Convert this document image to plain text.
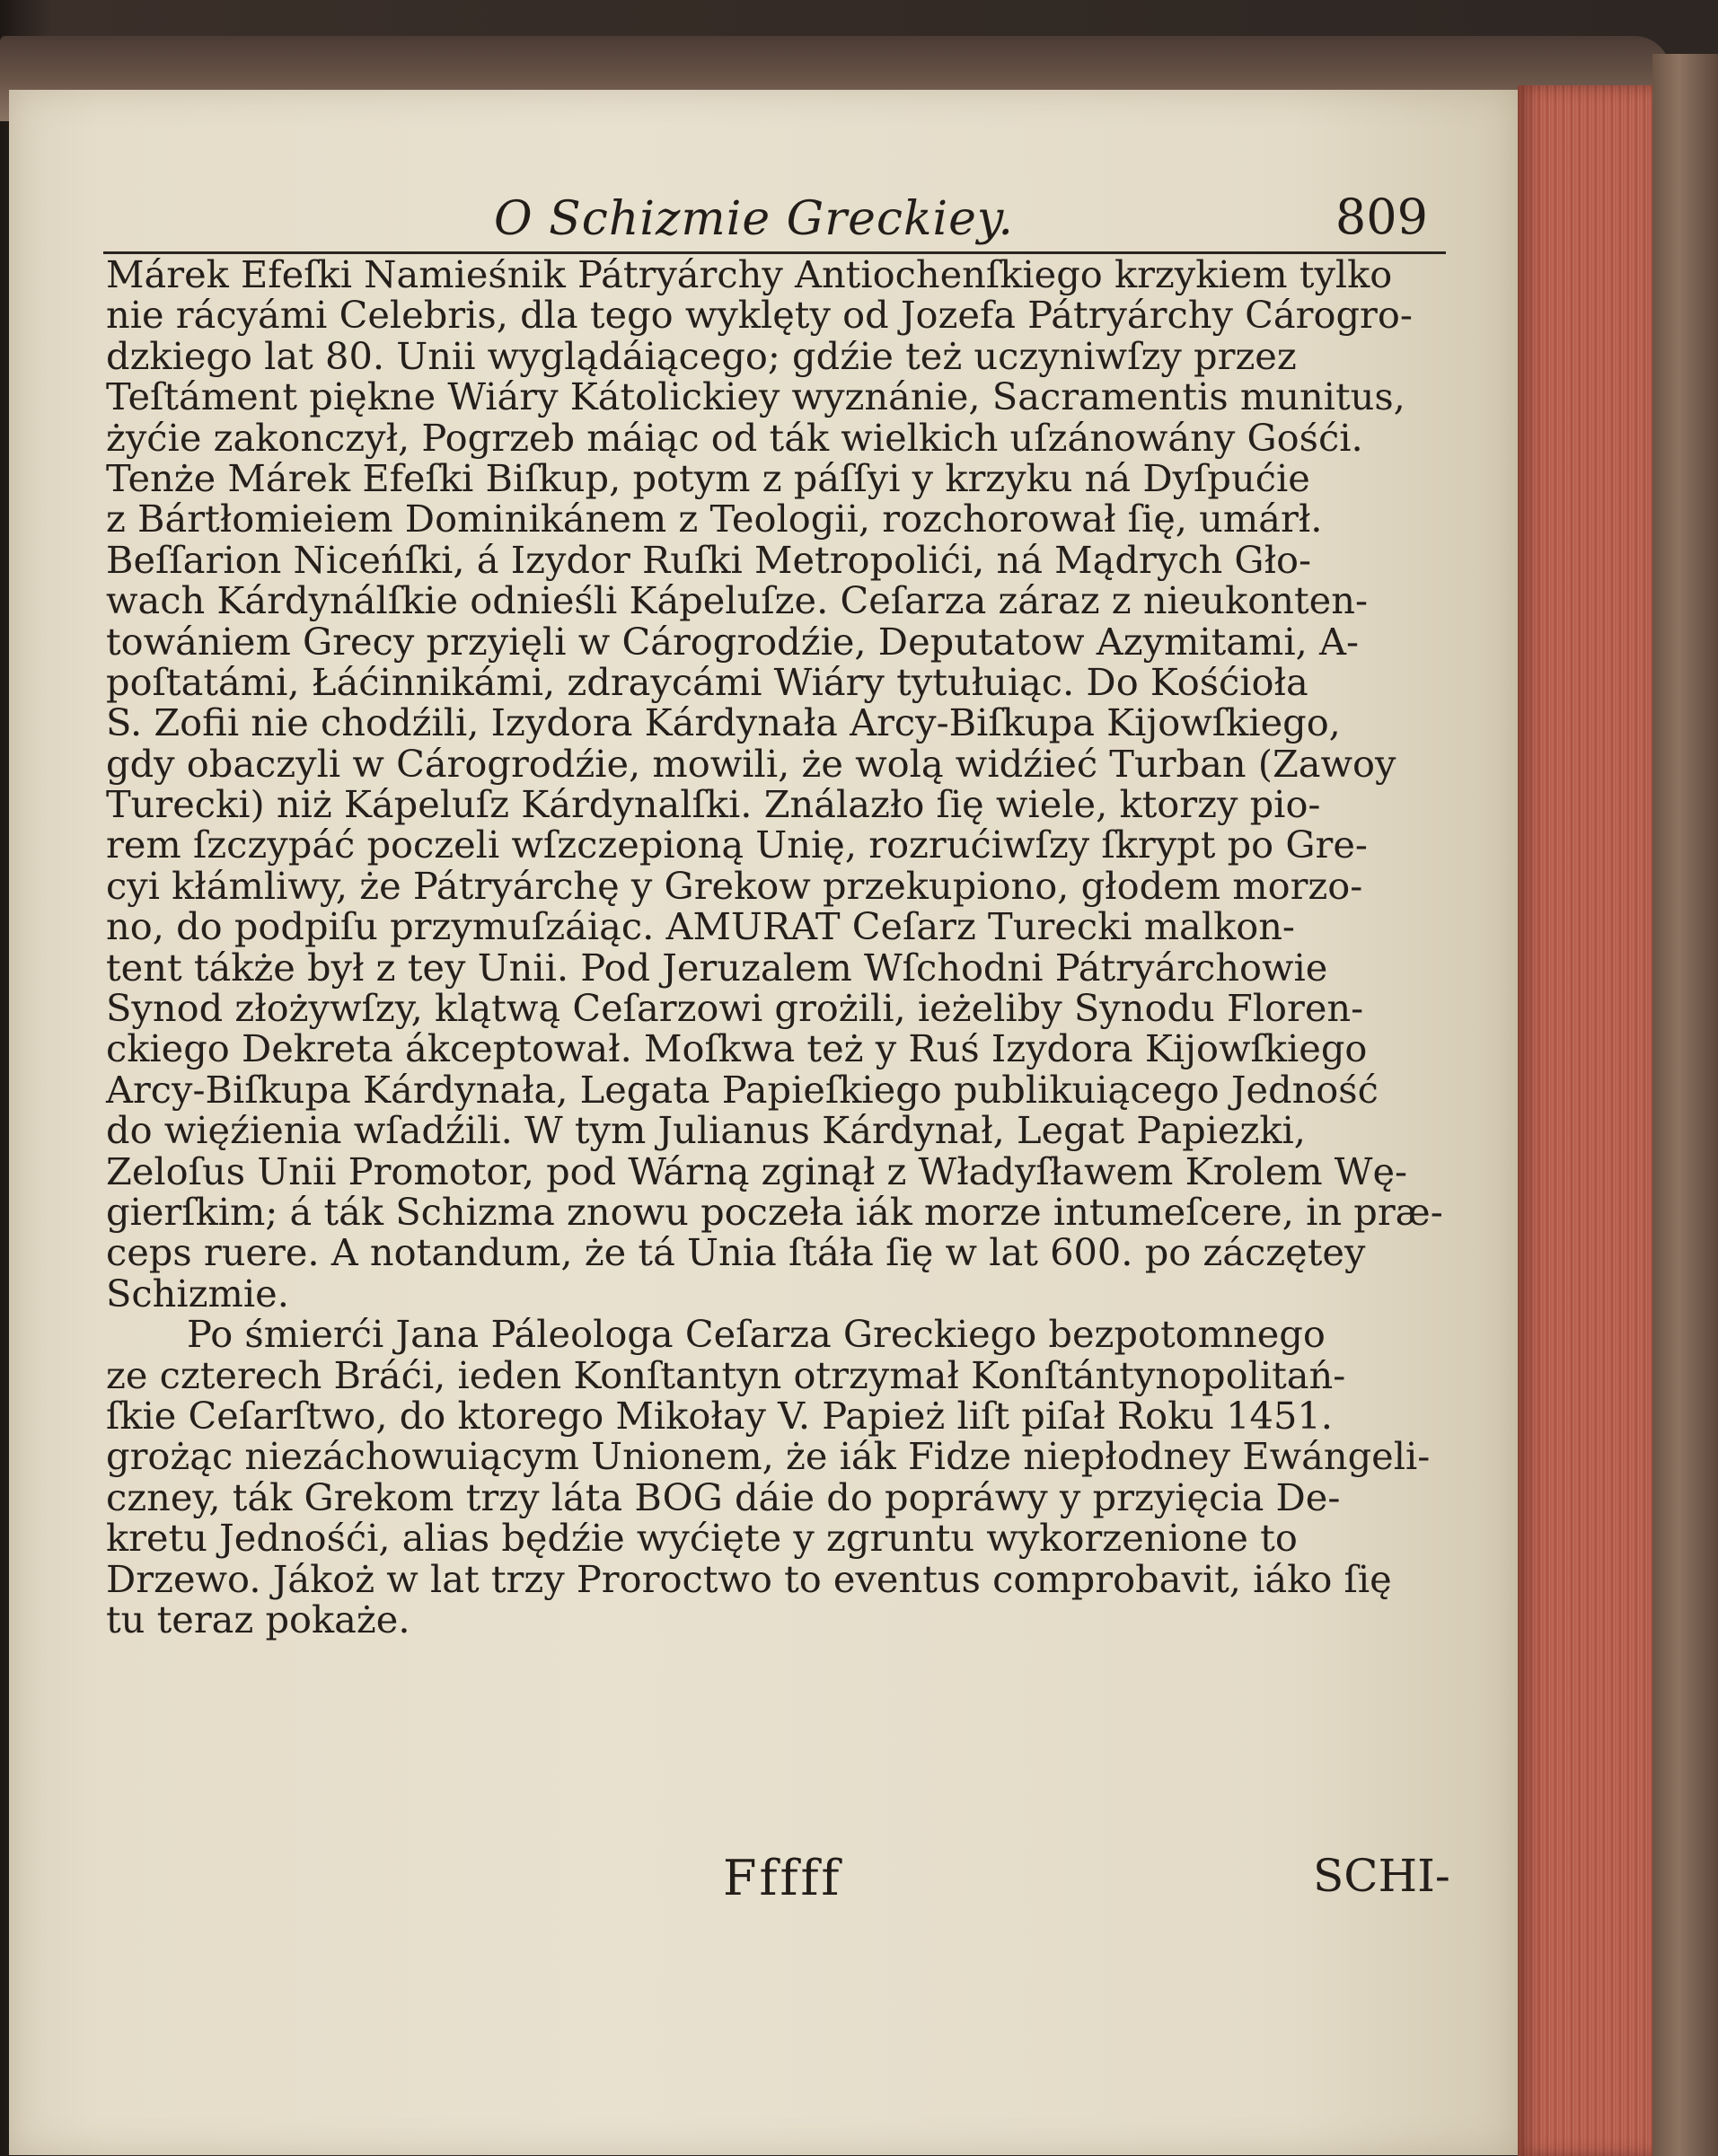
O Schizmie Greckiey.	809
Márek Efeſki Namieśnik Pátryárchy Antiochenſkiego krzykiem tylko
nie rácyámi Celebris, dla tego wyklęty od Jozefa Pátryárchy Cárogro-
dzkiego lat 80. Unii wyglądáiącego; gdźie też uczyniwſzy przez
Teſtáment piękne Wiáry Kátolickiey wyznánie, Sacramentis munitus,
żyćie zakonczył, Pogrzeb máiąc od ták wielkich uſzánowány Gośći.
Tenże Márek Efeſki Biſkup, potym z páſſyi y krzyku ná Dyſpućie
z Bártłomieiem Dominikánem z Teologii, rozchorował ſię, umárł.
Beſſarion Niceńſki, á Izydor Ruſki Metropolići, ná Mądrych Gło-
wach Kárdynálſkie odnieśli Kápeluſze. Ceſarza záraz z nieukonten-
towániem Grecy przyięli w Cárogrodźie, Deputatow Azymitami, A-
poſtatámi, Łáćinnikámi, zdraycámi Wiáry tytułuiąc. Do Kośćioła
S. Zofii nie chodźili, Izydora Kárdynała Arcy-Biſkupa Kijowſkiego,
gdy obaczyli w Cárogrodźie, mowili, że wolą widźieć Turban (Zawoy
Turecki) niż Kápeluſz Kárdynalſki. Ználazło ſię wiele, ktorzy pio-
rem ſzczypáć poczeli wſzczepioną Unię, rozrućiwſzy ſkrypt po Gre-
cyi kłámliwy, że Pátryárchę y Grekow przekupiono, głodem morzo-
no, do podpiſu przymuſzáiąc. AMURAT Ceſarz Turecki malkon-
tent tákże był z tey Unii. Pod Jeruzalem Wſchodni Pátryárchowie
Synod złożywſzy, klątwą Ceſarzowi grożili, ieżeliby Synodu Floren-
ckiego Dekreta ákceptował. Moſkwa też y Ruś Izydora Kijowſkiego
Arcy-Biſkupa Kárdynała, Legata Papieſkiego publikuiącego Jedność
do więźienia wſadźili. W tym Julianus Kárdynał, Legat Papiezki,
Zeloſus Unii Promotor, pod Wárną zginął z Władyſławem Krolem Wę-
gierſkim; á ták Schizma znowu poczeła iák morze intumeſcere, in præ-
ceps ruere. A notandum, że tá Unia ſtáła ſię w lat 600. po záczętey
Schizmie.
Po śmierći Jana Páleologa Ceſarza Greckiego bezpotomnego
ze czterech Bráći, ieden Konſtantyn otrzymał Konſtántynopolitań-
ſkie Ceſarſtwo, do ktorego Mikołay V. Papież liſt piſał Roku 1451.
grożąc niezáchowuiącym Unionem, że iák Fidze niepłodney Ewángeli-
czney, ták Grekom trzy láta BOG dáie do popráwy y przyięcia De-
kretu Jednośći, alias będźie wyćięte y zgruntu wykorzenione to
Drzewo. Jákoż w lat trzy Proroctwo to eventus comprobavit, iáko ſię
tu teraz pokaże.
Fffff	SCHI-
